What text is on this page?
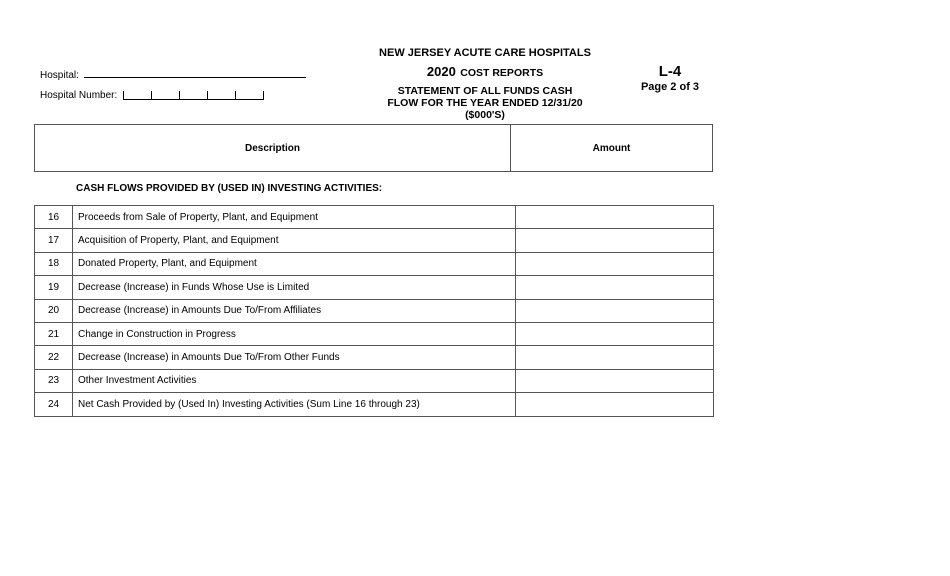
NEW JERSEY ACUTE CARE HOSPITALS
2020 COST REPORTS
STATEMENT OF ALL FUNDS CASH
FLOW FOR THE YEAR ENDED 12/31/20
($000'S)
L-4
Page 2 of 3
Hospital:
Hospital Number:
Description	Amount
CASH FLOWS PROVIDED BY (USED IN) INVESTING ACTIVITIES:
16	Proceeds from Sale of Property, Plant, and Equipment	
17	Acquisition of Property, Plant, and Equipment	
18	Donated Property, Plant, and Equipment	
19	Decrease (Increase) in Funds Whose Use is Limited	
20	Decrease (Increase) in Amounts Due To/From Affiliates	
21	Change in Construction in Progress	
22	Decrease (Increase) in Amounts Due To/From Other Funds	
23	Other Investment Activities	
24	Net Cash Provided by (Used In) Investing Activities (Sum Line 16 through 23)	
